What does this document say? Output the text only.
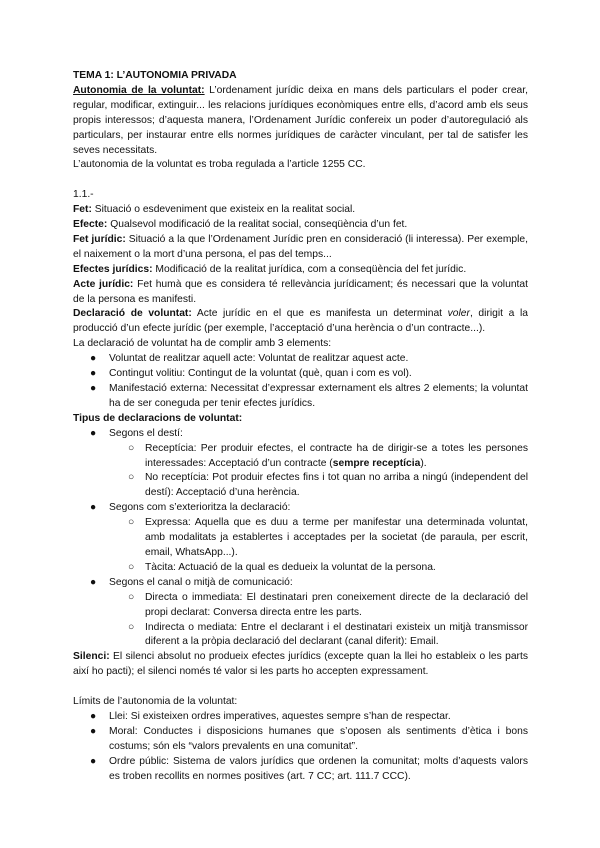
TEMA 1: L’AUTONOMIA PRIVADA

Autonomia de la voluntat: L’ordenament jurídic deixa en mans dels particulars el poder crear, regular, modificar, extinguir... les relacions jurídiques econòmiques entre ells, d’acord amb els seus propis interessos; d’aquesta manera, l’Ordenament Jurídic confereix un poder d’autoregulació als particulars, per instaurar entre ells normes jurídiques de caràcter vinculant, per tal de satisfer les seves necessitats.

L’autonomia de la voluntat es troba regulada a l’article 1255 CC.

1.1.-

Fet: Situació o esdeveniment que existeix en la realitat social.

Efecte: Qualsevol modificació de la realitat social, conseqüència d’un fet.

Fet jurídic: Situació a la que l’Ordenament Jurídic pren en consideració (li interessa). Per exemple, el naixement o la mort d’una persona, el pas del temps...

Efectes jurídics: Modificació de la realitat jurídica, com a conseqüència del fet jurídic.

Acte jurídic: Fet humà que es considera té rellevància jurídicament; és necessari que la voluntat de la persona es manifesti.

Declaració de voluntat: Acte jurídic en el que es manifesta un determinat voler, dirigit a la producció d’un efecte jurídic (per exemple, l’acceptació d’una herència o d’un contracte...).

La declaració de voluntat ha de complir amb 3 elements:

● Voluntat de realitzar aquell acte: Voluntat de realitzar aquest acte.
● Contingut volitiu: Contingut de la voluntat (què, quan i com es vol).
● Manifestació externa: Necessitat d’expressar externament els altres 2 elements; la voluntat ha de ser coneguda per tenir efectes jurídics.

Tipus de declaracions de voluntat:

● Segons el destí:
○ Receptícia: Per produir efectes, el contracte ha de dirigir-se a totes les persones interessades: Acceptació d’un contracte (sempre receptícia).
○ No receptícia: Pot produir efectes fins i tot quan no arriba a ningú (independent del destí): Acceptació d’una herència.
● Segons com s’exterioritza la declaració:
○ Expressa: Aquella que es duu a terme per manifestar una determinada voluntat, amb modalitats ja establertes i acceptades per la societat (de paraula, per escrit, email, WhatsApp...).
○ Tàcita: Actuació de la qual es dedueix la voluntat de la persona.
● Segons el canal o mitjà de comunicació:
○ Directa o immediata: El destinatari pren coneixement directe de la declaració del propi declarat: Conversa directa entre les parts.
○ Indirecta o mediata: Entre el declarant i el destinatari existeix un mitjà transmissor diferent a la pròpia declaració del declarant (canal diferit): Email.

Silenci: El silenci absolut no produeix efectes jurídics (excepte quan la llei ho estableix o les parts així ho pacti); el silenci només té valor si les parts ho accepten expressament.

Límits de l’autonomia de la voluntat:

● Llei: Si existeixen ordres imperatives, aquestes sempre s’han de respectar.
● Moral: Conductes i disposicions humanes que s’oposen als sentiments d’ètica i bons costums; són els “valors prevalents en una comunitat”.
● Ordre públic: Sistema de valors jurídics que ordenen la comunitat; molts d’aquests valors es troben recollits en normes positives (art. 7 CC; art. 111.7 CCC).
